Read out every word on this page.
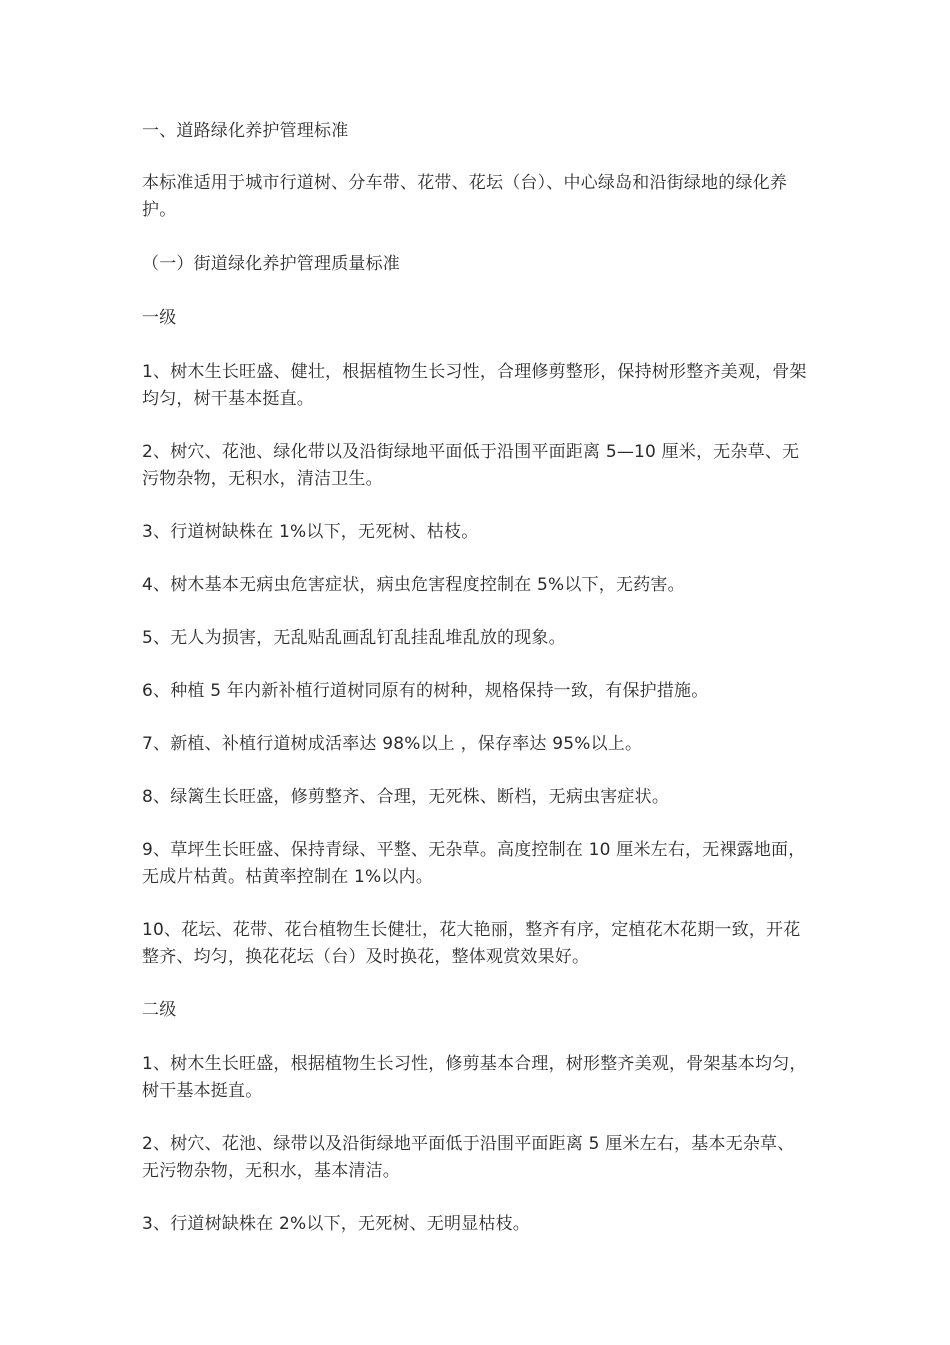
一、道路绿化养护管理标准

本标准适用于城市行道树、分车带、花带、花坛（台）、中心绿岛和沿街绿地的绿化养护。

（一）街道绿化养护管理质量标准

一级

1、树木生长旺盛、健壮，根据植物生长习性，合理修剪整形，保持树形整齐美观，骨架均匀，树干基本挺直。

2、树穴、花池、绿化带以及沿街绿地平面低于沿围平面距离 5—10 厘米，无杂草、无污物杂物，无积水，清洁卫生。

3、行道树缺株在 1%以下，无死树、枯枝。

4、树木基本无病虫危害症状，病虫危害程度控制在 5%以下，无药害。

5、无人为损害，无乱贴乱画乱钉乱挂乱堆乱放的现象。

6、种植 5 年内新补植行道树同原有的树种，规格保持一致，有保护措施。

7、新植、补植行道树成活率达 98%以上 ，保存率达 95%以上。

8、绿篱生长旺盛，修剪整齐、合理，无死株、断档，无病虫害症状。

9、草坪生长旺盛、保持青绿、平整、无杂草。高度控制在 10 厘米左右，无裸露地面，无成片枯黄。枯黄率控制在 1%以内。

10、花坛、花带、花台植物生长健壮，花大艳丽，整齐有序，定植花木花期一致，开花整齐、均匀，换花花坛（台）及时换花，整体观赏效果好。

二级

1、树木生长旺盛，根据植物生长习性，修剪基本合理，树形整齐美观，骨架基本均匀，树干基本挺直。

2、树穴、花池、绿带以及沿街绿地平面低于沿围平面距离 5 厘米左右，基本无杂草、无污物杂物，无积水，基本清洁。

3、行道树缺株在 2%以下，无死树、无明显枯枝。
